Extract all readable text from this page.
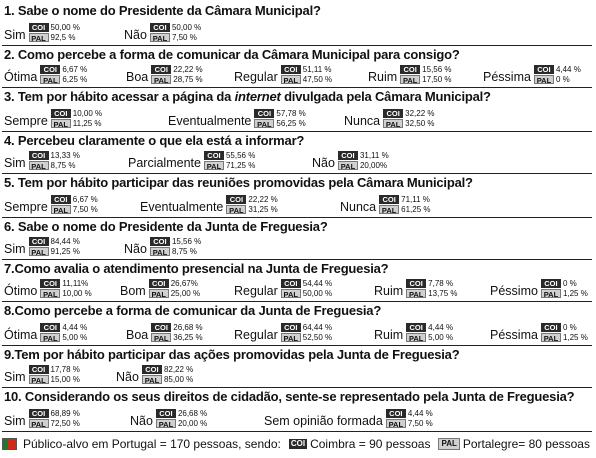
1. Sabe o nome do Presidente da Câmara Municipal?
Sim
COI 50,00 %
PAL 92,5 %	Não
COI 50,00 %
PAL 7,50 %
2. Como percebe a forma de comunicar da Câmara Municipal para consigo?
Ótima
COI 6,67 %
PAL 6,25 %	Boa
COI 22,22 %
PAL 28,75 %	Regular
COI 51,11 %
PAL 47,50 %	Ruim
COI 15,56 %
PAL 17,50 %	Péssima
COI 4,44 %
PAL 0 %
3. Tem por hábito acessar a página da internet divulgada pela Câmara Municipal?
Sempre
COI 10,00 %
PAL 11,25 %	Eventualmente
COI 57,78 %
PAL 56,25 %	Nunca
COI 32,22 %
PAL 32,50 %
4. Percebeu claramente o que ela está a informar?
Sim
COI 13,33 %
PAL 8,75 %	Parcialmente
COI 55,56 %
PAL 71,25 %	Não
COI 31,11 %
PAL 20,00%
5. Tem por hábito participar das reuniões promovidas pela Câmara Municipal?
Sempre
COI 6,67 %
PAL 7,50 %	Eventualmente
COI 22,22 %
PAL 31,25 %	Nunca
COI 71,11 %
PAL 61,25 %
6. Sabe o nome do Presidente da Junta de Freguesia?
Sim
COI 84,44 %
PAL 91,25 %	Não
COI 15,56 %
PAL 8,75 %
7.Como avalia o atendimento presencial na Junta de Freguesia?
Ótimo
COI 11,11%
PAL 10,00 % Bom
COI 26,67%
PAL 25,00 %	Regular
COI 54,44 %
PAL 50,00 %	Ruim
COI 7,78 %
PAL 13,75 %	Péssimo
COI 0 %
PAL 1,25 %
8.Como percebe a forma de comunicar da Junta de Freguesia?
Ótima
COI 4,44 %
PAL 5,00 %	Boa
COI 26,68 %
PAL 36,25 %	Regular
COI 64,44 %
PAL 52,50 %	Ruim
COI 4,44 %
PAL 5,00 %	Péssima
COI 0 %
PAL 1,25 %
9.Tem por hábito participar das ações promovidas pela Junta de Freguesia?
Sim
COI 17,78 %
PAL 15,00 %	Não
COI 82,22 %
PAL 85,00 %
10. Considerando os seus direitos de cidadão, sente-se representado pela Junta de Freguesia?
Sim
COI 68,89 %
PAL 72,50 %	Não
COI 26,68 %
PAL 20,00 %	Sem opinião formada
COI 4,44 %
PAL 7,50 %
Público-alvo em Portugal = 170 pessoas, sendo: COI Coimbra = 90 pessoas	PAL Portalegre= 80 pessoas
